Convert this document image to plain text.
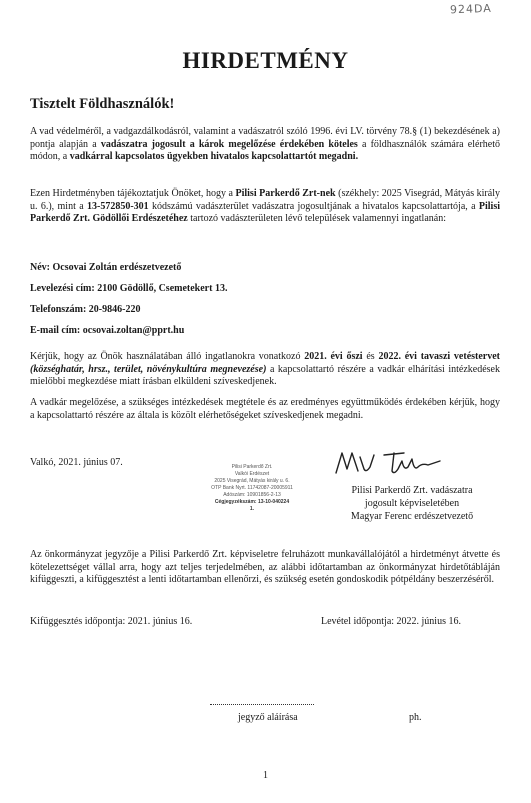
924DA
HIRDETMÉNY
Tisztelt Földhasználók!
A vad védelméről, a vadgazdálkodásról, valamint a vadászatról szóló 1996. évi LV. törvény 78.§ (1) bekezdésének a) pontja alapján a vadászatra jogosult a károk megelőzése érdekében köteles a földhasználók számára elérhető módon, a vadkárral kapcsolatos ügyekben hivatalos kapcsolattartót megadni.
Ezen Hirdetményben tájékoztatjuk Önöket, hogy a Pilisi Parkerdő Zrt-nek (székhely: 2025 Visegrád, Mátyás király u. 6.), mint a 13-572850-301 kódszámú vadászterület vadászatra jogosultjának a hivatalos kapcsolattartója, a Pilisi Parkerdő Zrt. Gödöllői Erdészetéhez tartozó vadászterületen lévő települések valamennyi ingatlanán:
Név: Ocsovai Zoltán erdészetvezető
Levelezési cím: 2100 Gödöllő, Csemetekert 13.
Telefonszám: 20-9846-220
E-mail cím: ocsovai.zoltan@pprt.hu
Kérjük, hogy az Önök használatában álló ingatlanokra vonatkozó 2021. évi őszi és 2022. évi tavaszi vetéstervet (községhatár, hrsz., terület, növénykultúra megnevezése) a kapcsolattartó részére a vadkár elhárítási intézkedések mielőbbi megkezdése miatt írásban elküldeni szíveskedjenek.
A vadkár megelőzése, a szükséges intézkedések megtétele és az eredményes együttműködés érdekében kérjük, hogy a kapcsolattartó részére az általa is közölt elérhetőségeket szíveskedjenek megadni.
Valkó, 2021. június 07.	Pilisi Parkerdő Zrt.
Valkói Erdészet
2025 Visegrád, Mátyás király u. 6.
OTP Bank Nyrt. 11742087-20005911
Adószám: 10901856-2-13
Cégjegyzékszám: 13-10-040224
1.
Pilisi Parkerdő Zrt. vadászatra
jogosult képviseletében
Magyar Ferenc erdészetvezető
Az önkormányzat jegyzője a Pilisi Parkerdő Zrt. képviseletre felruházott munkavállalójától a hirdetményt átvette és kötelezettséget vállal arra, hogy azt teljes terjedelmében, az alábbi időtartamban az önkormányzat hirdetőtábláján kifüggeszti, a kifüggesztést a lenti időtartamban ellenőrzi, és szükség esetén gondoskodik pótpéldány beszerzéséről.
Kifüggesztés időpontja: 2021. június 16.	Levétel időpontja: 2022. június 16.
jegyző aláírása	ph.
1
